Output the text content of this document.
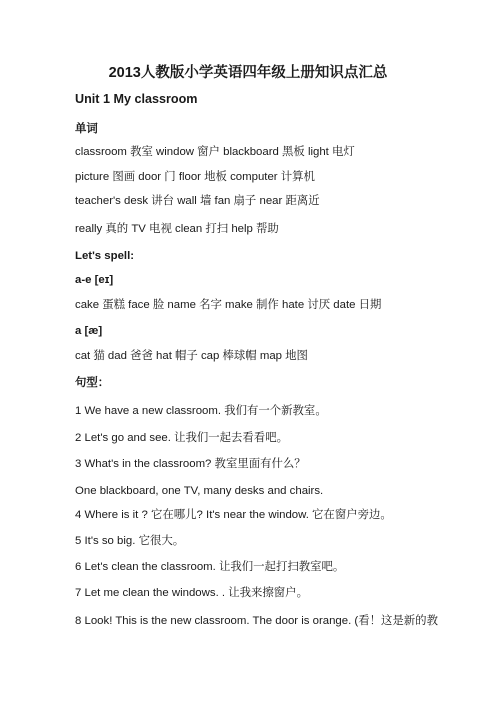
2013人教版小学英语四年级上册知识点汇总
Unit 1 My classroom
单词
classroom 教室 window 窗户 blackboard 黑板 light 电灯
picture 图画 door 门 floor 地板 computer 计算机
teacher's desk 讲台 wall 墙 fan 扇子 near 距离近
really 真的 TV 电视 clean 打扫 help 帮助
Let's spell:
a-e [eɪ]
cake 蛋糕 face 脸 name 名字 make 制作 hate 讨厌 date 日期
a [æ]
cat 猫 dad 爸爸 hat 帽子 cap 棒球帽 map 地图
句型：
1 We have a new classroom. 我们有一个新教室。
2 Let's go and see. 让我们一起去看看吧。
3 What's in the classroom? 教室里面有什么？
One blackboard, one TV, many desks and chairs.
4 Where is it ? 它在哪儿? It's near the window. 它在窗户旁边。
5 It's so big. 它很大。
6 Let's clean the classroom. 让我们一起打扫教室吧。
7 Let me clean the windows. . 让我来擦窗户。
8 Look! This is the new classroom. The door is orange. (看！这是新的教
